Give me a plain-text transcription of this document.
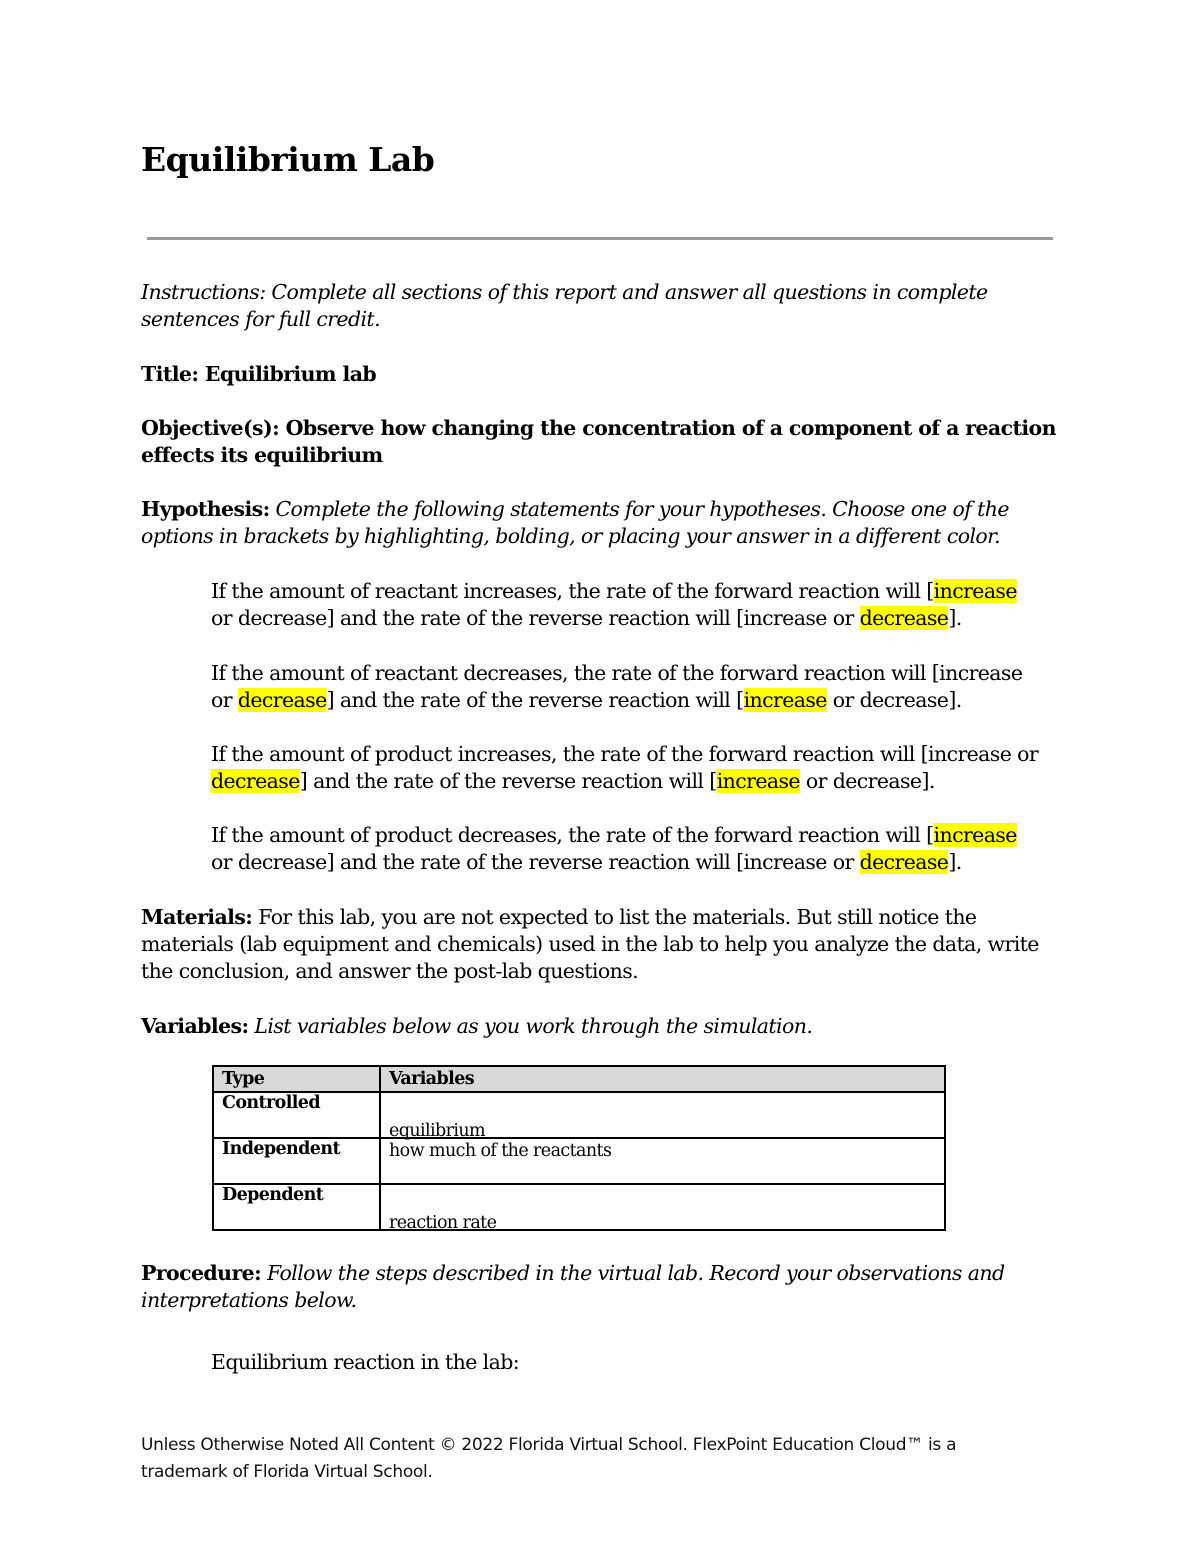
Equilibrium Lab

Instructions: Complete all sections of this report and answer all questions in complete sentences for full credit.

Title: Equilibrium lab

Objective(s): Observe how changing the concentration of a component of a reaction effects its equilibrium

Hypothesis: Complete the following statements for your hypotheses. Choose one of the options in brackets by highlighting, bolding, or placing your answer in a different color.

If the amount of reactant increases, the rate of the forward reaction will [increase or decrease] and the rate of the reverse reaction will [increase or decrease].

If the amount of reactant decreases, the rate of the forward reaction will [increase or decrease] and the rate of the reverse reaction will [increase or decrease].

If the amount of product increases, the rate of the forward reaction will [increase or decrease] and the rate of the reverse reaction will [increase or decrease].

If the amount of product decreases, the rate of the forward reaction will [increase or decrease] and the rate of the reverse reaction will [increase or decrease].

Materials: For this lab, you are not expected to list the materials. But still notice the materials (lab equipment and chemicals) used in the lab to help you analyze the data, write the conclusion, and answer the post-lab questions.

Variables: List variables below as you work through the simulation.

Type	Variables
Controlled	equilibrium

Independent	how much of the reactants

Dependent	reaction rate

Procedure: Follow the steps described in the virtual lab. Record your observations and interpretations below.

Equilibrium reaction in the lab:

Unless Otherwise Noted All Content © 2022 Florida Virtual School. FlexPoint Education Cloud™ is a trademark of Florida Virtual School.
